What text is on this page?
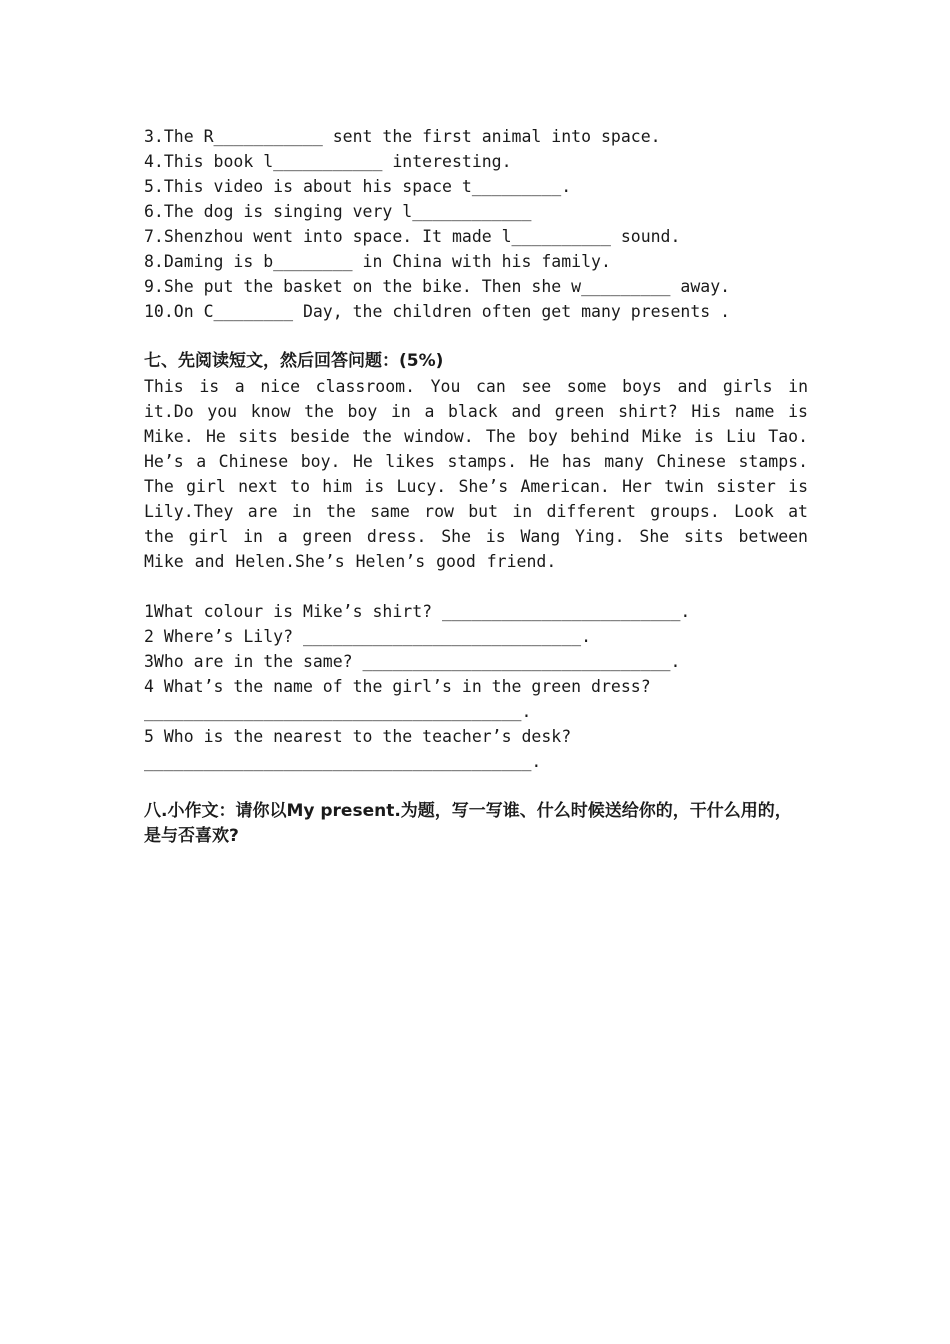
3.The R___________ sent the first animal into space.
4.This book l___________ interesting.
5.This video is about his space t_________.
6.The dog is singing very l____________
7.Shenzhou went into space. It made l__________ sound.
8.Daming is b________ in China with his family.
9.She put the basket on the bike. Then she w_________ away.
10.On C________ Day, the children often get many presents .
七、先阅读短文，然后回答问题：(5%)
This is a nice classroom. You can see some boys and girls in it.Do you know the boy in a black and green shirt? His name is Mike. He sits beside the window. The boy behind Mike is Liu Tao. He’s a Chinese boy. He likes stamps. He has many Chinese stamps. The girl next to him is Lucy. She’s American. Her twin sister is Lily.They are in the same row but in different groups. Look at the girl in a green dress. She is Wang Ying. She sits between Mike and Helen.She’s Helen’s good friend.
1What colour is Mike’s shirt? ________________________.
2 Where’s Lily? ____________________________.
3Who are in the same? _______________________________.
4 What’s the name of the girl’s in the green dress?
______________________________________.
5 Who is the nearest to the teacher’s desk?
_______________________________________.
八.小作文：请你以My present.为题，写一写谁、什么时候送给你的，干什么用的，是与否喜欢?
